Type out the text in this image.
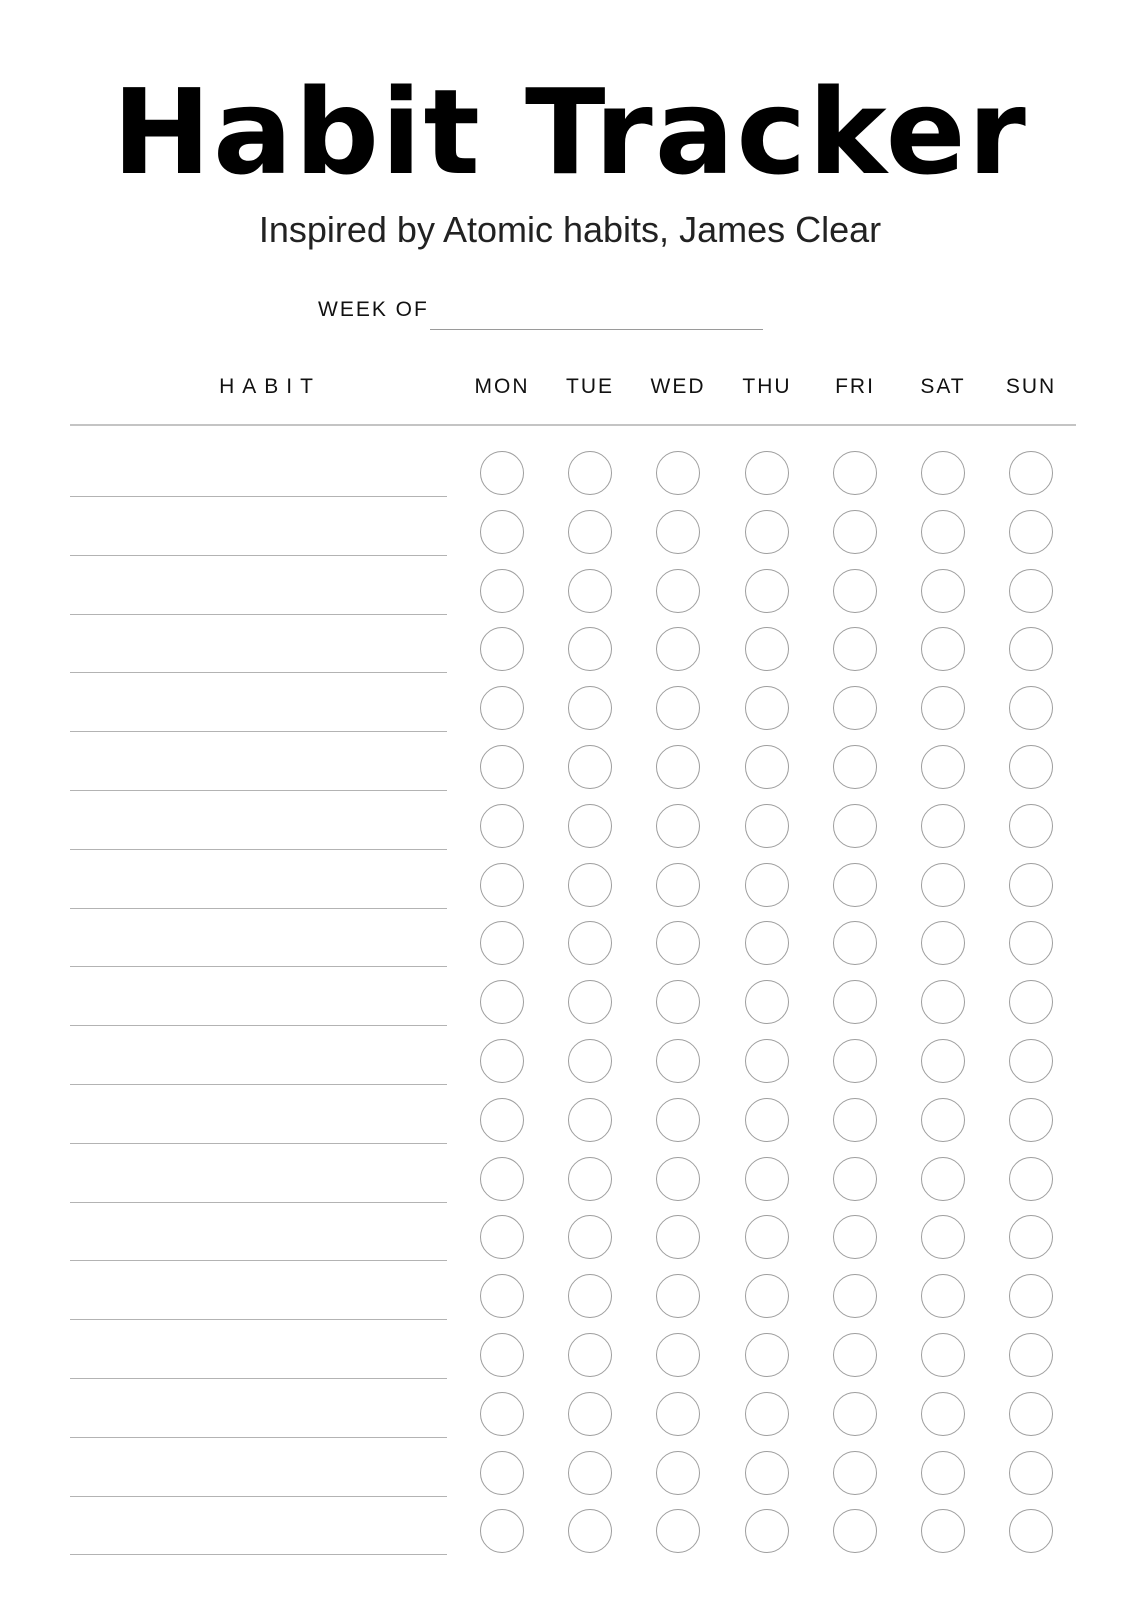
Habit Tracker
Inspired by Atomic habits, James Clear
WEEK OF
HABIT	MON	TUE	WED	THU	FRI	SAT	SUN
